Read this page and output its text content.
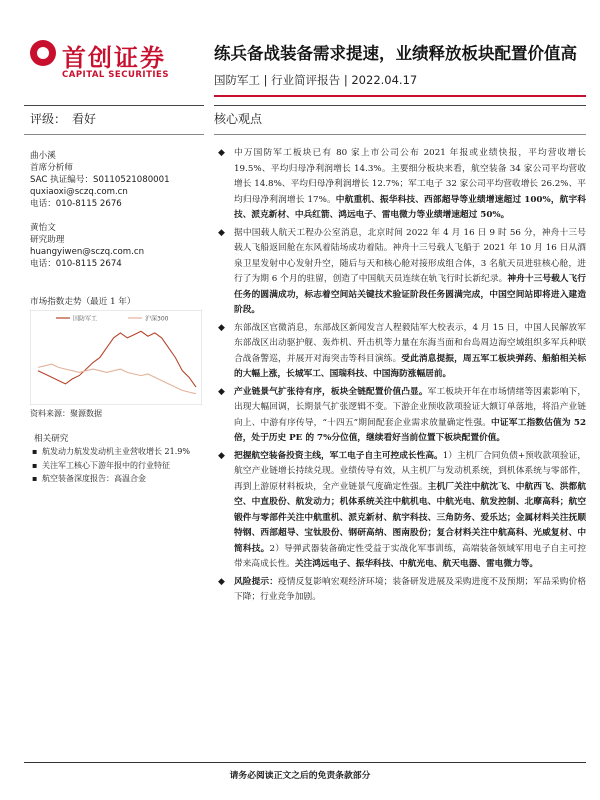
首创证券
CAPITAL SECURITIES
练兵备战装备需求提速，业绩释放板块配置价值高
国防军工 | 行业简评报告 | 2022.04.17
评级： 看好	核心观点
曲小溪
首席分析师
SAC 执证编号：S0110521080001
quxiaoxi@sczq.com.cn
电话：010-8115 2676
黄怡文
研究助理
huangyiwen@sczq.com.cn
电话：010-8115 2674
市场指数走势（最近 1 年）
国防军工	沪深300
资料来源：聚源数据
相关研究
▪ 航发动力航发发动机主业营收增长 21.9%
▪ 关注军工核心下游年报中的行业特征
▪ 航空装备深度报告：高温合金
◆ 中万国防军工板块已有 80 家上市公司公布 2021 年报或业绩快报，平均营收增长 19.5%、平均归母净利润增长 14.3%。主要细分板块来看，航空装备 34 家公司平均营收增长 14.8%、平均归母净利润增长 12.7%；军工电子 32 家公司平均营收增长 26.2%、平均归母净利润增长 17%。中航重机、振华科技、西部超导等业绩增速超过 100%，航宇科技、派克新材、中兵红箭、鸿远电子、雷电微力等业绩增速超过 50%。
◆ 据中国载人航天工程办公室消息，北京时间 2022 年 4 月 16 日 9 时 56 分，神舟十三号载人飞船返回舱在东风着陆场成功着陆。神舟十三号载人飞船于 2021 年 10 月 16 日从酒泉卫星发射中心发射升空，随后与天和核心舱对接形成组合体，3 名航天员进驻核心舱，进行了为期 6 个月的驻留，创造了中国航天员连续在轨飞行时长新纪录。神舟十三号载人飞行任务的圆满成功，标志着空间站关键技术验证阶段任务圆满完成，中国空间站即将进入建造阶段。
◆ 东部战区官微消息，东部战区新闻发言人程毅陆军大校表示，4 月 15 日，中国人民解放军东部战区出动驱护舰、轰炸机、歼击机等力量在东海当面和台岛周边海空域组织多军兵种联合战备警巡，并展开对海突击等科目演练。受此消息提振，周五军工板块弹药、船舶相关标的大幅上涨，长城军工、国瑞科技、中国海防涨幅居前。
◆ 产业链景气扩张待有序，板块全链配置价值凸显。军工板块开年在市场情绪等因素影响下，出现大幅回调，长期景气扩张逻辑不变。下游企业预收款项验证大额订单落地，将沿产业链向上、中游有序传导，“十四五”期间配套企业需求放量确定性强。中证军工指数估值为 52 倍，处于历史 PE 的 7%分位值，继续看好当前位置下板块配置价值。
◆ 把握航空装备投资主线，军工电子自主可控成长性高。1）主机厂合同负债+预收款项验证，航空产业链增长持续兑现。业绩传导有效，从主机厂与发动机系统，到机体系统与零部件，再到上游原材料板块，全产业链景气度确定性强。主机厂关注中航沈飞、中航西飞、洪都航空、中直股份、航发动力；机体系统关注中航机电、中航光电、航发控制、北摩高科；航空锻件与零部件关注中航重机、派克新材、航宇科技、三角防务、爱乐达；金属材料关注抚顺特钢、西部超导、宝钛股份、钢研高纳、图南股份；复合材料关注中航高科、光威复材、中简科技。2）导弹武器装备确定性受益于实战化军事训练，高端装备领域军用电子自主可控带来高成长性。关注鸿远电子、振华科技、中航光电、航天电器、雷电微力等。
◆ 风险提示：疫情反复影响宏观经济环境；装备研发进展及采购进度不及预期；军品采购价格下降；行业竞争加剧。
请务必阅读正文之后的免责条款部分
